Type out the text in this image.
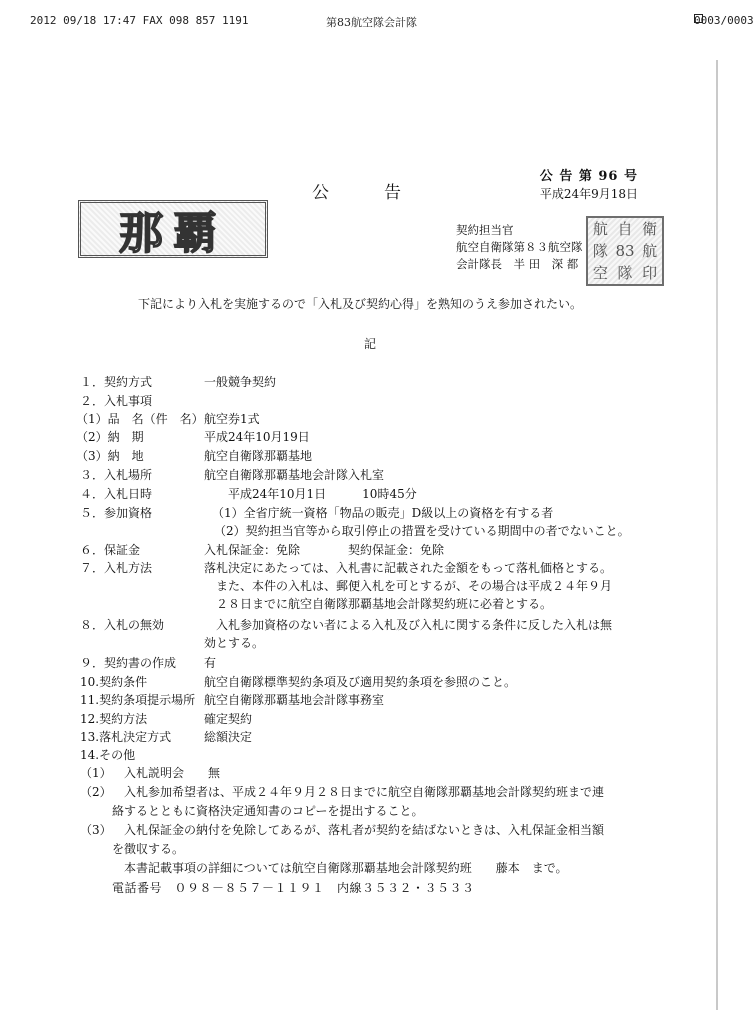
2012 09/18 17:47 FAX 098 857 1191	第83航空隊会計隊	0003/0003
公 告 第 96 号
平成24年9月18日
公　　　告
那覇	契約担当官
航空自衛隊第８３航空隊
会計隊長　半 田　深 都
航 自 衛
隊 83 航
空 隊 印
下記により入札を実施するので「入札及び契約心得」を熟知のうえ参加されたい。
記
１．契約方式	一般競争契約
２．入札事項
（1）品　名（件　名） 航空券1式
（2）納　期	平成24年10月19日
（3）納　地	航空自衛隊那覇基地
３．入札場所	航空自衛隊那覇基地会計隊入札室
４．入札日時	　　平成24年10月1日　　　10時45分
５．参加資格	（1）全省庁統一資格「物品の販売」D級以上の資格を有する者
（2）契約担当官等から取引停止の措置を受けている期間中の者でないこと。
６．保証金	入札保証金：免除　　　　契約保証金：免除
７．入札方法	落札決定にあたっては、入札書に記載された金額をもって落札価格とする。
　また、本件の入札は、郵便入札を可とするが、その場合は平成２４年９月
　２８日までに航空自衛隊那覇基地会計隊契約班に必着とする。
８．入札の無効	　入札参加資格のない者による入札及び入札に関する条件に反した入札は無
効とする。
９．契約書の作成 有
10.契約条件	航空自衛隊標準契約条項及び適用契約条項を参照のこと。
11.契約条項提示場所 航空自衛隊那覇基地会計隊事務室
12.契約方法	確定契約
13.落札決定方式	総額決定
14.その他
（1） 入札説明会　　無
（2） 入札参加希望者は、平成２４年９月２８日までに航空自衛隊那覇基地会計隊契約班まで連
絡するとともに資格決定通知書のコピーを提出すること。
（3） 入札保証金の納付を免除してあるが、落札者が契約を結ばないときは、入札保証金相当額
を徴収する。
本書記載事項の詳細については航空自衛隊那覇基地会計隊契約班　　藤本　まで。
電話番号　０９８－８５７－１１９１　内線３５３２・３５３３
